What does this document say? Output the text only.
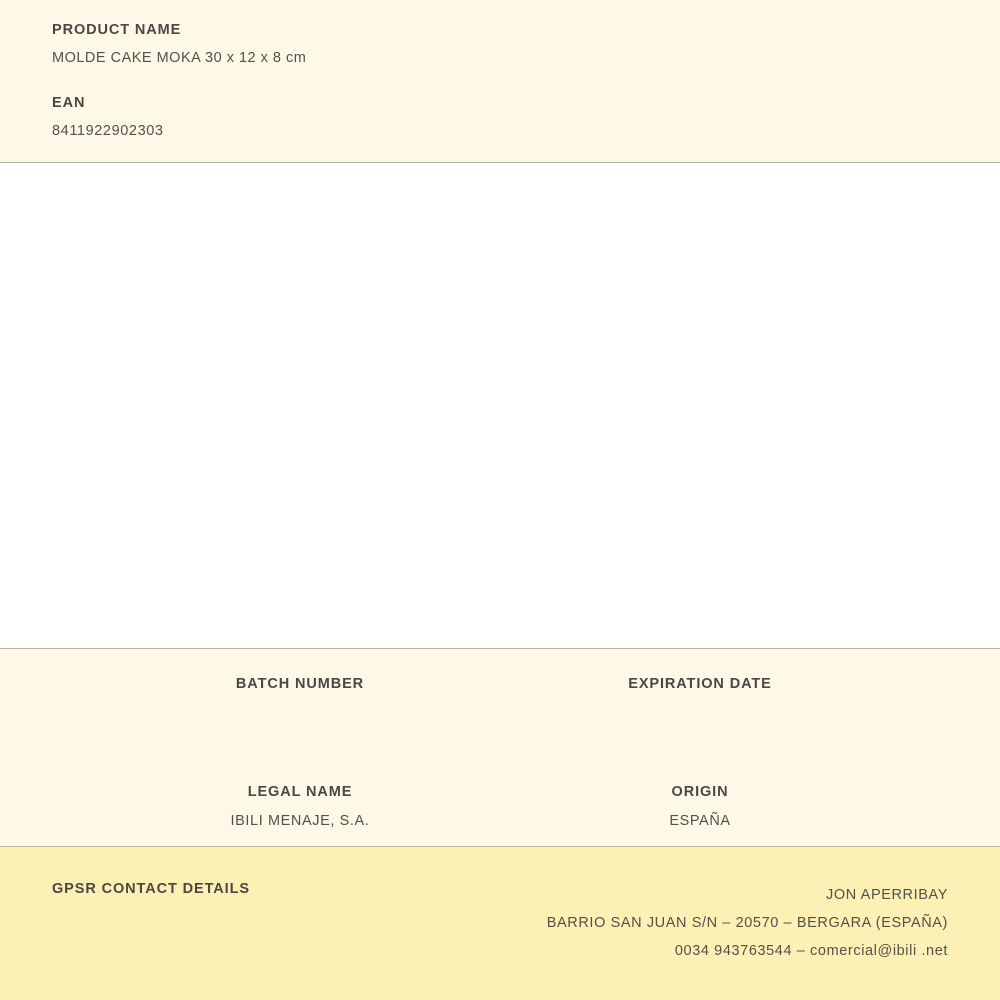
PRODUCT NAME
MOLDE CAKE MOKA 30 x 12 x 8 cm
EAN
8411922902303
BATCH NUMBER	EXPIRATION DATE
LEGAL NAME
IBILI MENAJE, S.A.
ORIGIN
ESPAÑA
GPSR CONTACT DETAILS	JON APERRIBAY
BARRIO SAN JUAN S/N – 20570 – BERGARA (ESPAÑA)
0034 943763544 – comercial@ibili .net
